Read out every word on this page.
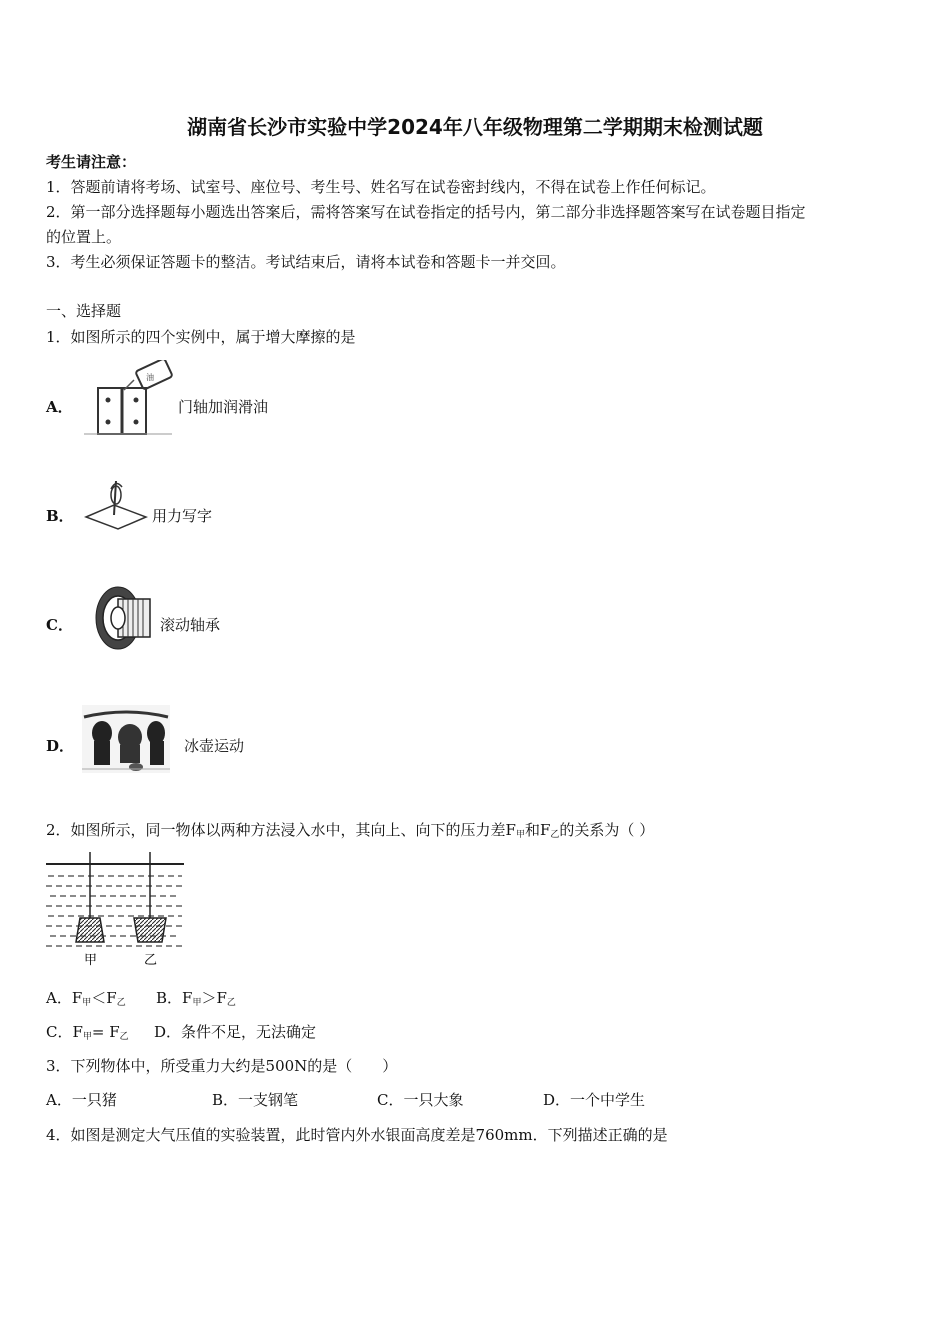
湖南省长沙市实验中学2024年八年级物理第二学期期末检测试题
考生请注意：
1．答题前请将考场、试室号、座位号、考生号、姓名写在试卷密封线内，不得在试卷上作任何标记。
2．第一部分选择题每小题选出答案后，需将答案写在试卷指定的括号内，第二部分非选择题答案写在试卷题目指定
的位置上。
3．考生必须保证答题卡的整洁。考试结束后，请将本试卷和答题卡一并交回。
一、选择题
1．如图所示的四个实例中，属于增大摩擦的是
A．
油
门轴加润滑油
B．	用力写字
C．	滚动轴承
D．	冰壶运动
2．如图所示，同一物体以两种方法浸入水中，其向上、向下的压力差$F_甲$和$F_乙$的关系为（ ）
甲	乙
A．$F_甲<F_乙$ B．$F_甲>F_乙$
C．$F_甲= F_乙$ D．条件不足，无法确定
3．下列物体中，所受重力大约是500N的是（　　）
A．一只猪	B．一支钢笔	C．一只大象	D．一个中学生
4．如图是测定大气压值的实验装置，此时管内外水银面高度差是760mm．下列描述正确的是
